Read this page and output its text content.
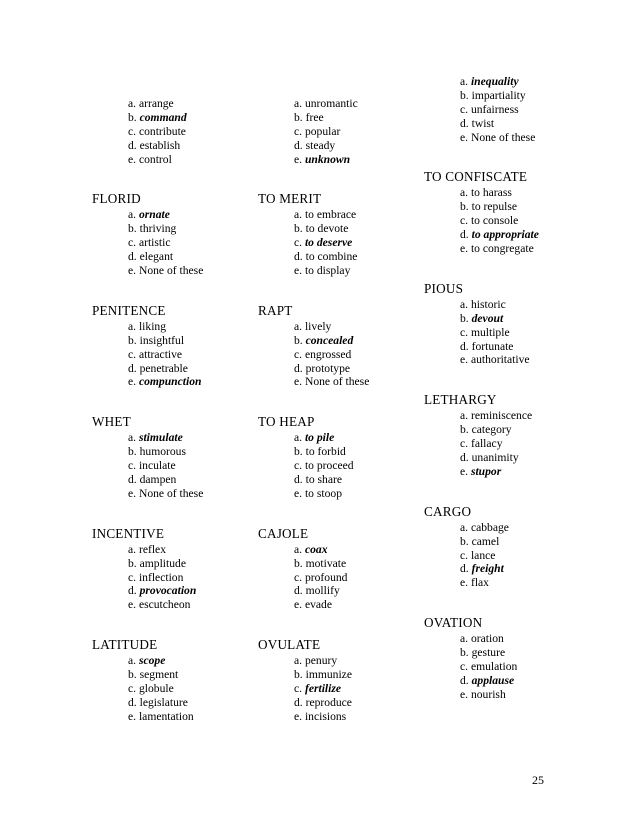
a. arrange
b. command
c. contribute
d. establish
e. control
FLORID
a. ornate
b. thriving
c. artistic
d. elegant
e. None of these
PENITENCE
a. liking
b. insightful
c. attractive
d. penetrable
e. compunction
WHET
a. stimulate
b. humorous
c. inculate
d. dampen
e. None of these
INCENTIVE
a. reflex
b. amplitude
c. inflection
d. provocation
e. escutcheon
LATITUDE
a. scope
b. segment
c. globule
d. legislature
e. lamentation
a. unromantic
b. free
c. popular
d. steady
e. unknown
TO MERIT
a. to embrace
b. to devote
c. to deserve
d. to combine
e. to display
RAPT
a. lively
b. concealed
c. engrossed
d. prototype
e. None of these
TO HEAP
a. to pile
b. to forbid
c. to proceed
d. to share
e. to stoop
CAJOLE
a. coax
b. motivate
c. profound
d. mollify
e. evade
OVULATE
a. penury
b. immunize
c. fertilize
d. reproduce
e. incisions
a. inequality
b. impartiality
c. unfairness
d. twist
e. None of these
TO CONFISCATE
a. to harass
b. to repulse
c. to console
d. to appropriate
e. to congregate
PIOUS
a. historic
b. devout
c. multiple
d. fortunate
e. authoritative
LETHARGY
a. reminiscence
b. category
c. fallacy
d. unanimity
e. stupor
CARGO
a. cabbage
b. camel
c. lance
d. freight
e. flax
OVATION
a. oration
b. gesture
c. emulation
d. applause
e. nourish
25
